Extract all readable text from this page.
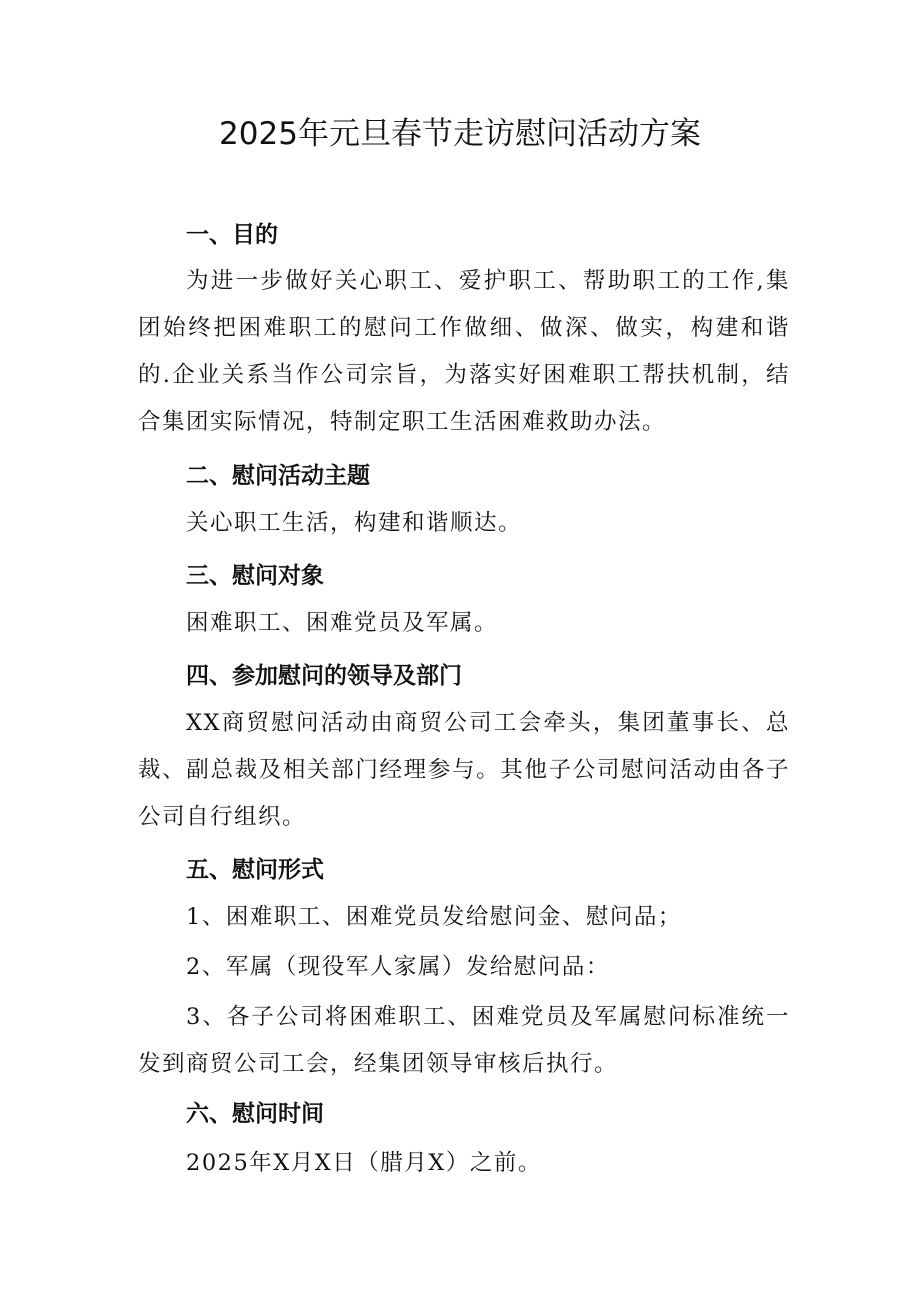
2025年元旦春节走访慰问活动方案
一、目的

为进一步做好关心职工、爱护职工、帮助职工的工作,集团始终把困难职工的慰问工作做细、做深、做实，构建和谐的.企业关系当作公司宗旨，为落实好困难职工帮扶机制，结合集团实际情况，特制定职工生活困难救助办法。

二、慰问活动主题

关心职工生活，构建和谐顺达。

三、慰问对象

困难职工、困难党员及军属。

四、参加慰问的领导及部门

XX商贸慰问活动由商贸公司工会牵头，集团董事长、总裁、副总裁及相关部门经理参与。其他子公司慰问活动由各子公司自行组织。

五、慰问形式

1、困难职工、困难党员发给慰问金、慰问品；

2、军属（现役军人家属）发给慰问品：

3、各子公司将困难职工、困难党员及军属慰问标准统一发到商贸公司工会，经集团领导审核后执行。

六、慰问时间

2025年X月X日（腊月X）之前。
